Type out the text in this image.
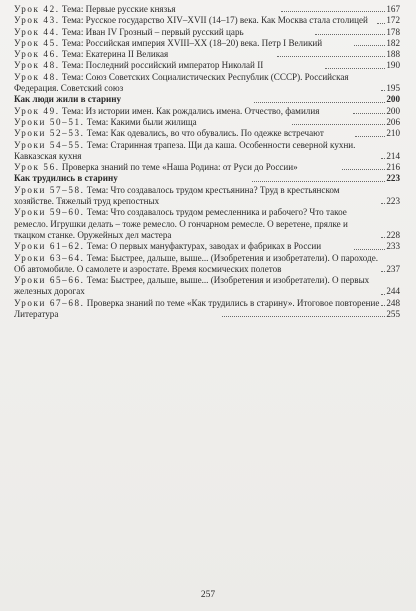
Урок 42. Тема: Первые русские князья	167
Урок 43. Тема: Русское государство XIV–XVII (14–17) века. Как Москва стала столицей	172
Урок 44. Тема: Иван IV Грозный – первый русский царь	178
Урок 45. Тема: Российская империя XVIII–XX (18–20) века. Петр I Великий	182
Урок 46. Тема: Екатерина II Великая	188
Урок 48. Тема: Последний российский император Николай II	190
Урок 48. Тема: Союз Советских Социалистических Республик (СССР). Российская Федерация. Советский союз	195
Как люди жили в старину	200
Урок 49. Тема: Из истории имен. Как рождались имена. Отчество, фамилия	200
Уроки 50–51. Тема: Какими были жилища	206
Уроки 52–53. Тема: Как одевались, во что обувались. По одежке встречают	210
Уроки 54–55. Тема: Старинная трапеза. Щи да каша. Особенности северной кухни. Кавказская кухня	214
Урок 56. Проверка знаний по теме «Наша Родина: от Руси до России»	216
Как трудились в старину	223
Уроки 57–58. Тема: Что создавалось трудом крестьянина? Труд в крестьянском хозяйстве. Тяжелый труд крепостных	223
Уроки 59–60. Тема: Что создавалось трудом ремесленника и рабочего? Что такое ремесло. Игрушки делать – тоже ремесло. О гончарном ремесле. О веретене, прялке и ткацком станке. Оружейных дел мастера	228
Уроки 61–62. Тема: О первых мануфактурах, заводах и фабриках в России	233
Уроки 63–64. Тема: Быстрее, дальше, выше... (Изобретения и изобретатели). О пароходе. Об автомобиле. О самолете и аэростате. Время космических полетов	237
Уроки 65–66. Тема: Быстрее, дальше, выше... (Изобретения и изобретатели). О первых железных дорогах	244
Уроки 67–68. Проверка знаний по теме «Как трудились в старину». Итоговое повторение 248
Литература	255
257
